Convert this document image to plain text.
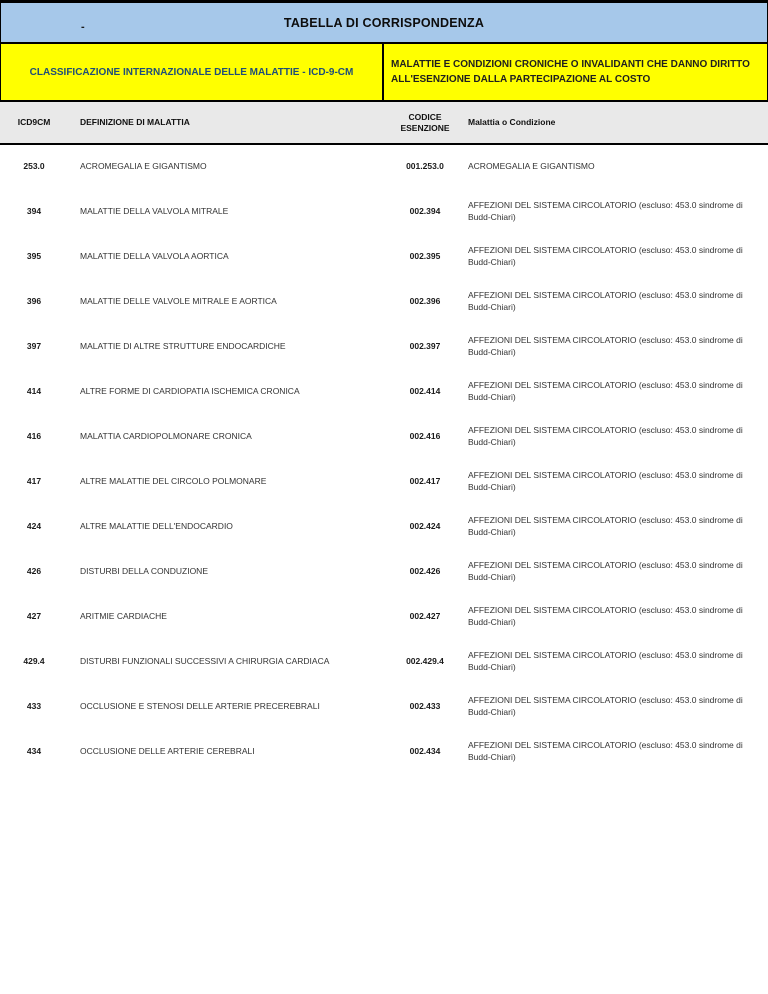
-	TABELLA DI CORRISPONDENZA
CLASSIFICAZIONE INTERNAZIONALE DELLE MALATTIE - ICD-9-CM
MALATTIE E CONDIZIONI CRONICHE O INVALIDANTI CHE DANNO DIRITTO ALL'ESENZIONE DALLA PARTECIPAZIONE AL COSTO
ICD9CM	DEFINIZIONE DI MALATTIA	CODICE ESENZIONE	Malattia o Condizione
253.0	ACROMEGALIA E GIGANTISMO	001.253.0	ACROMEGALIA E GIGANTISMO
394	MALATTIE DELLA VALVOLA MITRALE	002.394	AFFEZIONI DEL SISTEMA CIRCOLATORIO (escluso: 453.0 sindrome di Budd-Chiari)
395	MALATTIE DELLA VALVOLA AORTICA	002.395	AFFEZIONI DEL SISTEMA CIRCOLATORIO (escluso: 453.0 sindrome di Budd-Chiari)
396	MALATTIE DELLE VALVOLE MITRALE E AORTICA	002.396	AFFEZIONI DEL SISTEMA CIRCOLATORIO (escluso: 453.0 sindrome di Budd-Chiari)
397	MALATTIE DI ALTRE STRUTTURE ENDOCARDICHE	002.397	AFFEZIONI DEL SISTEMA CIRCOLATORIO (escluso: 453.0 sindrome di Budd-Chiari)
414	ALTRE FORME DI CARDIOPATIA ISCHEMICA CRONICA	002.414	AFFEZIONI DEL SISTEMA CIRCOLATORIO (escluso: 453.0 sindrome di Budd-Chiari)
416	MALATTIA CARDIOPOLMONARE CRONICA	002.416	AFFEZIONI DEL SISTEMA CIRCOLATORIO (escluso: 453.0 sindrome di Budd-Chiari)
417	ALTRE MALATTIE DEL CIRCOLO POLMONARE	002.417	AFFEZIONI DEL SISTEMA CIRCOLATORIO (escluso: 453.0 sindrome di Budd-Chiari)
424	ALTRE MALATTIE DELL'ENDOCARDIO	002.424	AFFEZIONI DEL SISTEMA CIRCOLATORIO (escluso: 453.0 sindrome di Budd-Chiari)
426	DISTURBI DELLA CONDUZIONE	002.426	AFFEZIONI DEL SISTEMA CIRCOLATORIO (escluso: 453.0 sindrome di Budd-Chiari)
427	ARITMIE CARDIACHE	002.427	AFFEZIONI DEL SISTEMA CIRCOLATORIO (escluso: 453.0 sindrome di Budd-Chiari)
429.4	DISTURBI FUNZIONALI SUCCESSIVI A CHIRURGIA CARDIACA	002.429.4	AFFEZIONI DEL SISTEMA CIRCOLATORIO (escluso: 453.0 sindrome di Budd-Chiari)
433	OCCLUSIONE E STENOSI DELLE ARTERIE PRECEREBRALI	002.433	AFFEZIONI DEL SISTEMA CIRCOLATORIO (escluso: 453.0 sindrome di Budd-Chiari)
434	OCCLUSIONE DELLE ARTERIE CEREBRALI	002.434	AFFEZIONI DEL SISTEMA CIRCOLATORIO (escluso: 453.0 sindrome di Budd-Chiari)
